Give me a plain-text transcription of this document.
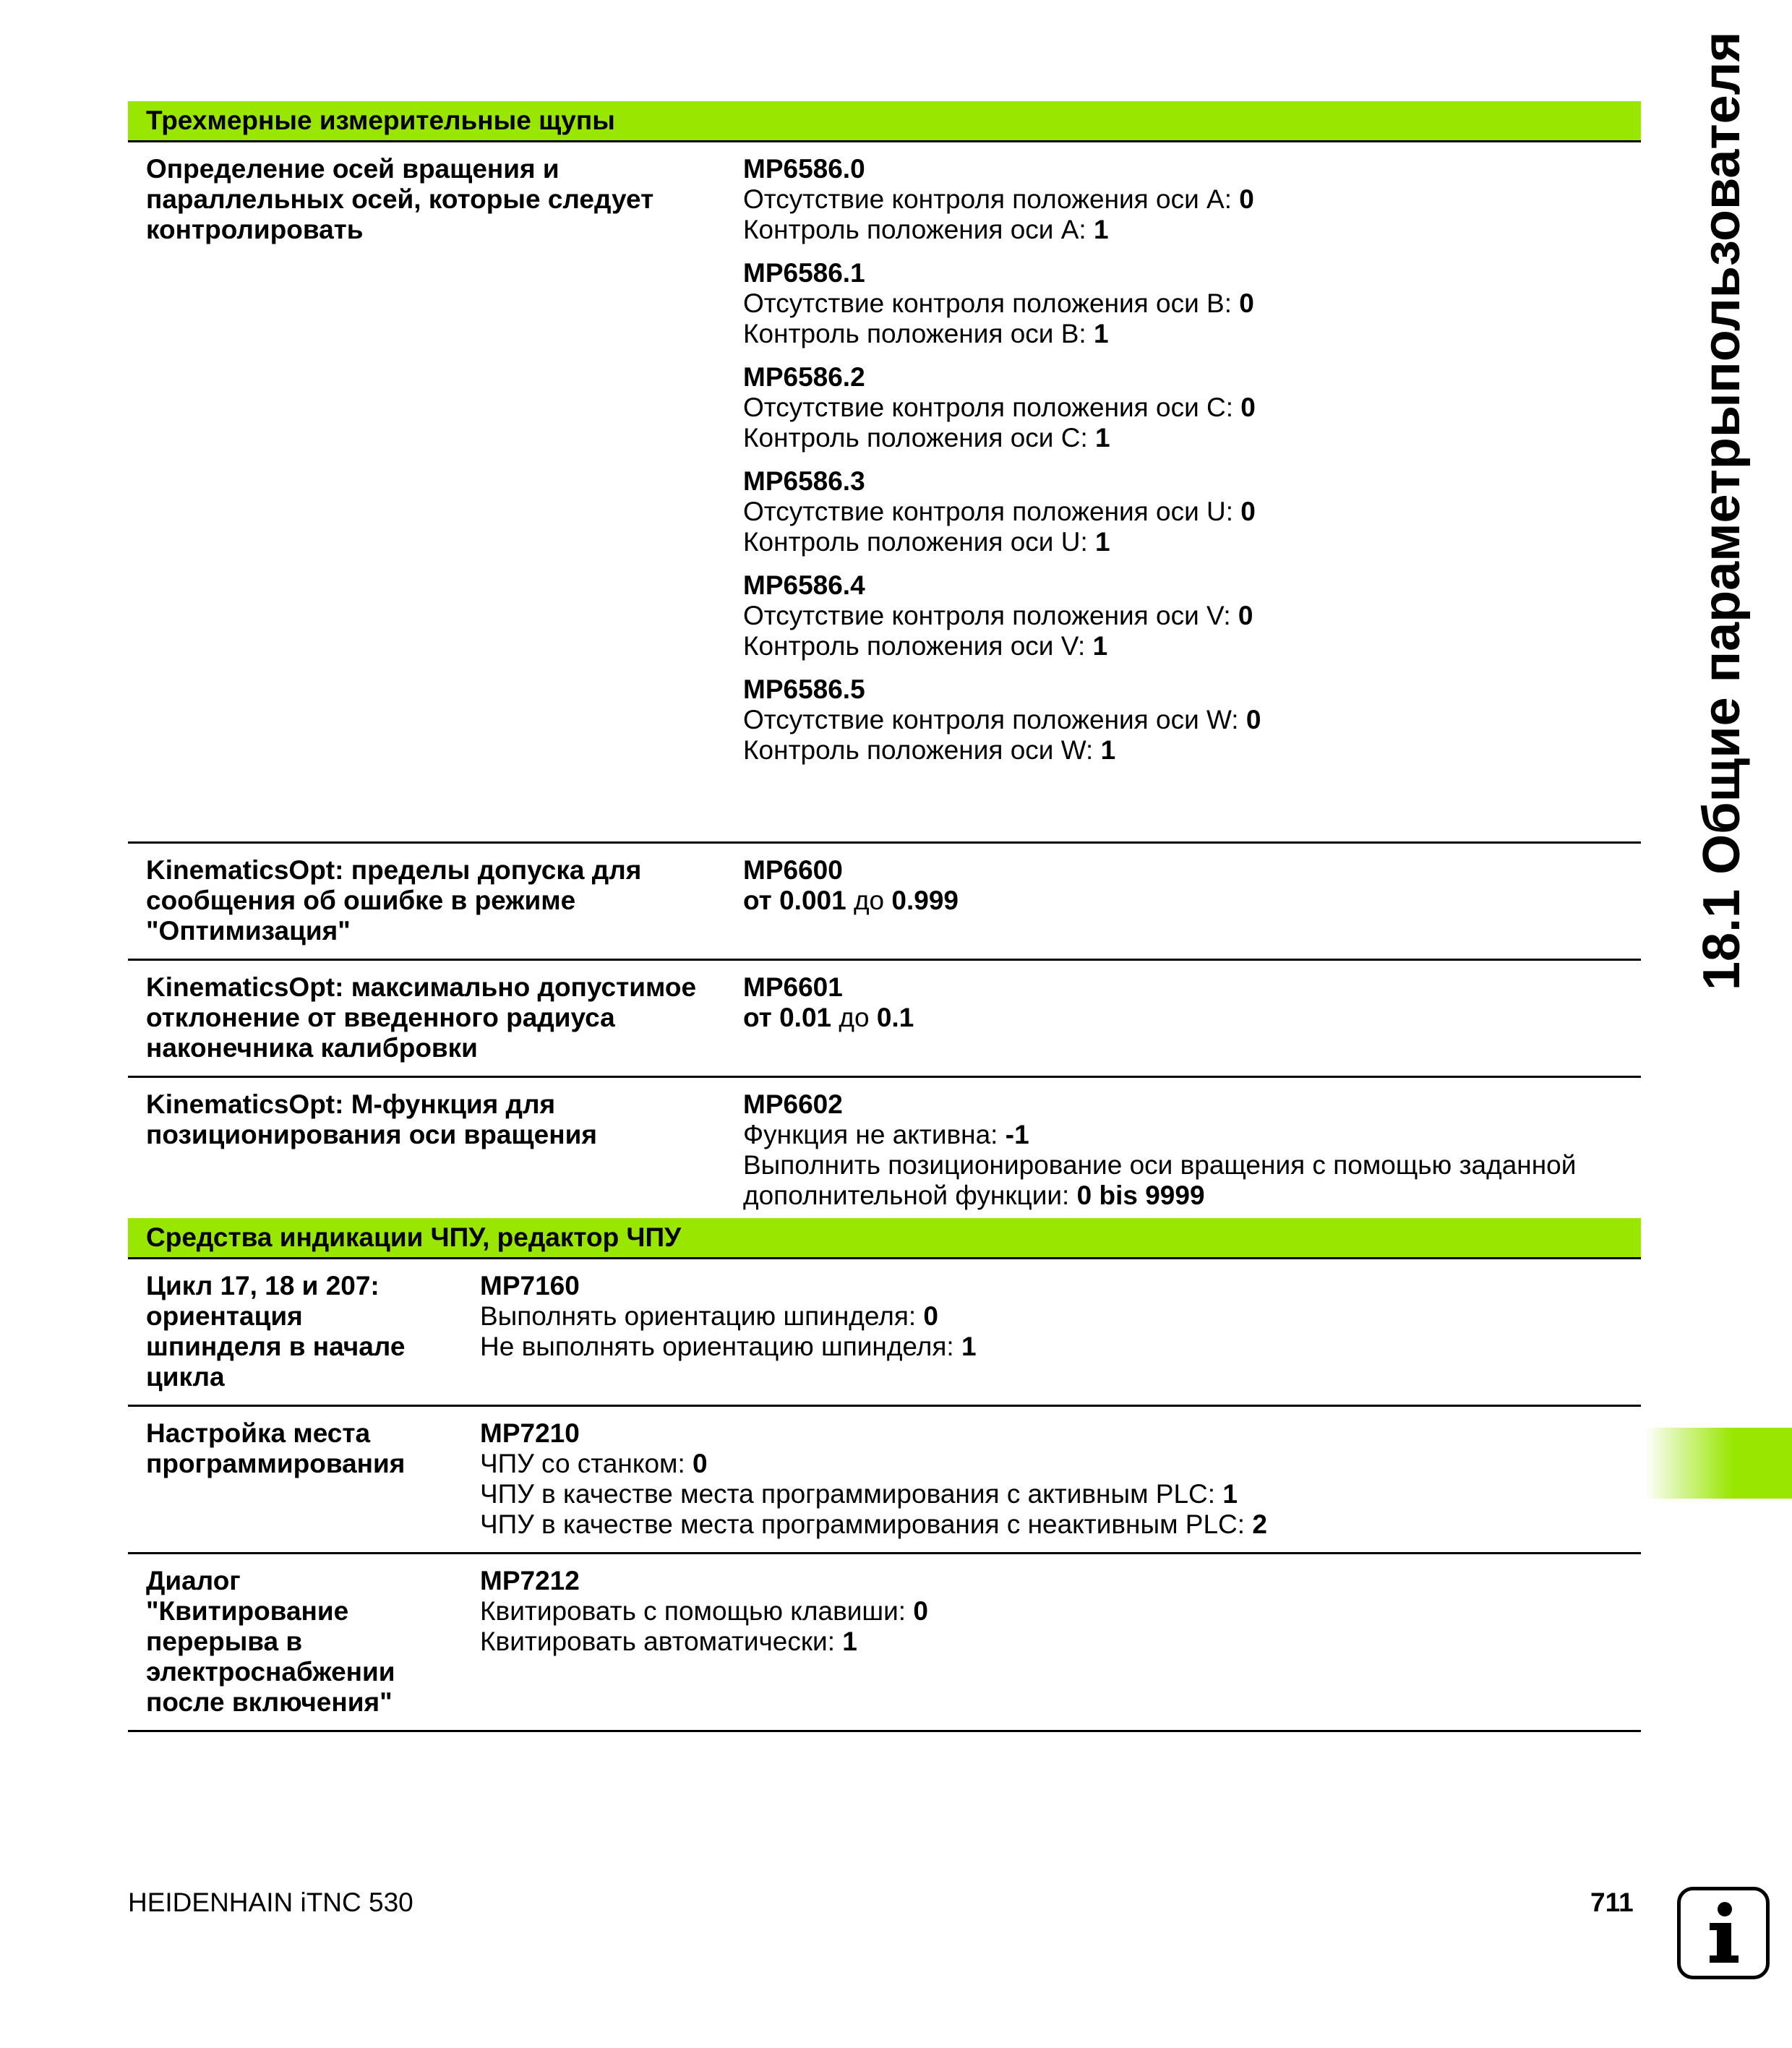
Трехмерные измерительные щупы
Определение осей вращения и параллельных осей, которые следует контролировать
MP6586.0
Отсутствие контроля положения оси A: 0
Контроль положения оси A: 1
MP6586.1
Отсутствие контроля положения оси B: 0
Контроль положения оси B: 1
MP6586.2
Отсутствие контроля положения оси C: 0
Контроль положения оси C: 1
MP6586.3
Отсутствие контроля положения оси U: 0
Контроль положения оси U: 1
MP6586.4
Отсутствие контроля положения оси V: 0
Контроль положения оси V: 1
MP6586.5
Отсутствие контроля положения оси W: 0
Контроль положения оси W: 1
KinematicsOpt: пределы допуска для сообщения об ошибке в режиме "Оптимизация"
MP6600
от 0.001 до 0.999
KinematicsOpt: максимально допустимое отклонение от введенного радиуса наконечника калибровки
MP6601
от 0.01 до 0.1
KinematicsOpt: M-функция для позиционирования оси вращения
MP6602
Функция не активна: -1
Выполнить позиционирование оси вращения с помощью заданной дополнительной функции: 0 bis 9999
Средства индикации ЧПУ, редактор ЧПУ
Цикл 17, 18 и 207: ориентация шпинделя в начале цикла
MP7160
Выполнять ориентацию шпинделя: 0
Не выполнять ориентацию шпинделя: 1
Настройка места программирования
MP7210
ЧПУ со станком: 0
ЧПУ в качестве места программирования с активным PLC: 1
ЧПУ в качестве места программирования с неактивным PLC: 2
Диалог "Квитирование перерыва в электроснабжении после включения"
MP7212
Квитировать с помощью клавиши: 0
Квитировать автоматически: 1
18.1 Общие параметрыпользователя
HEIDENHAIN iTNC 530	711
